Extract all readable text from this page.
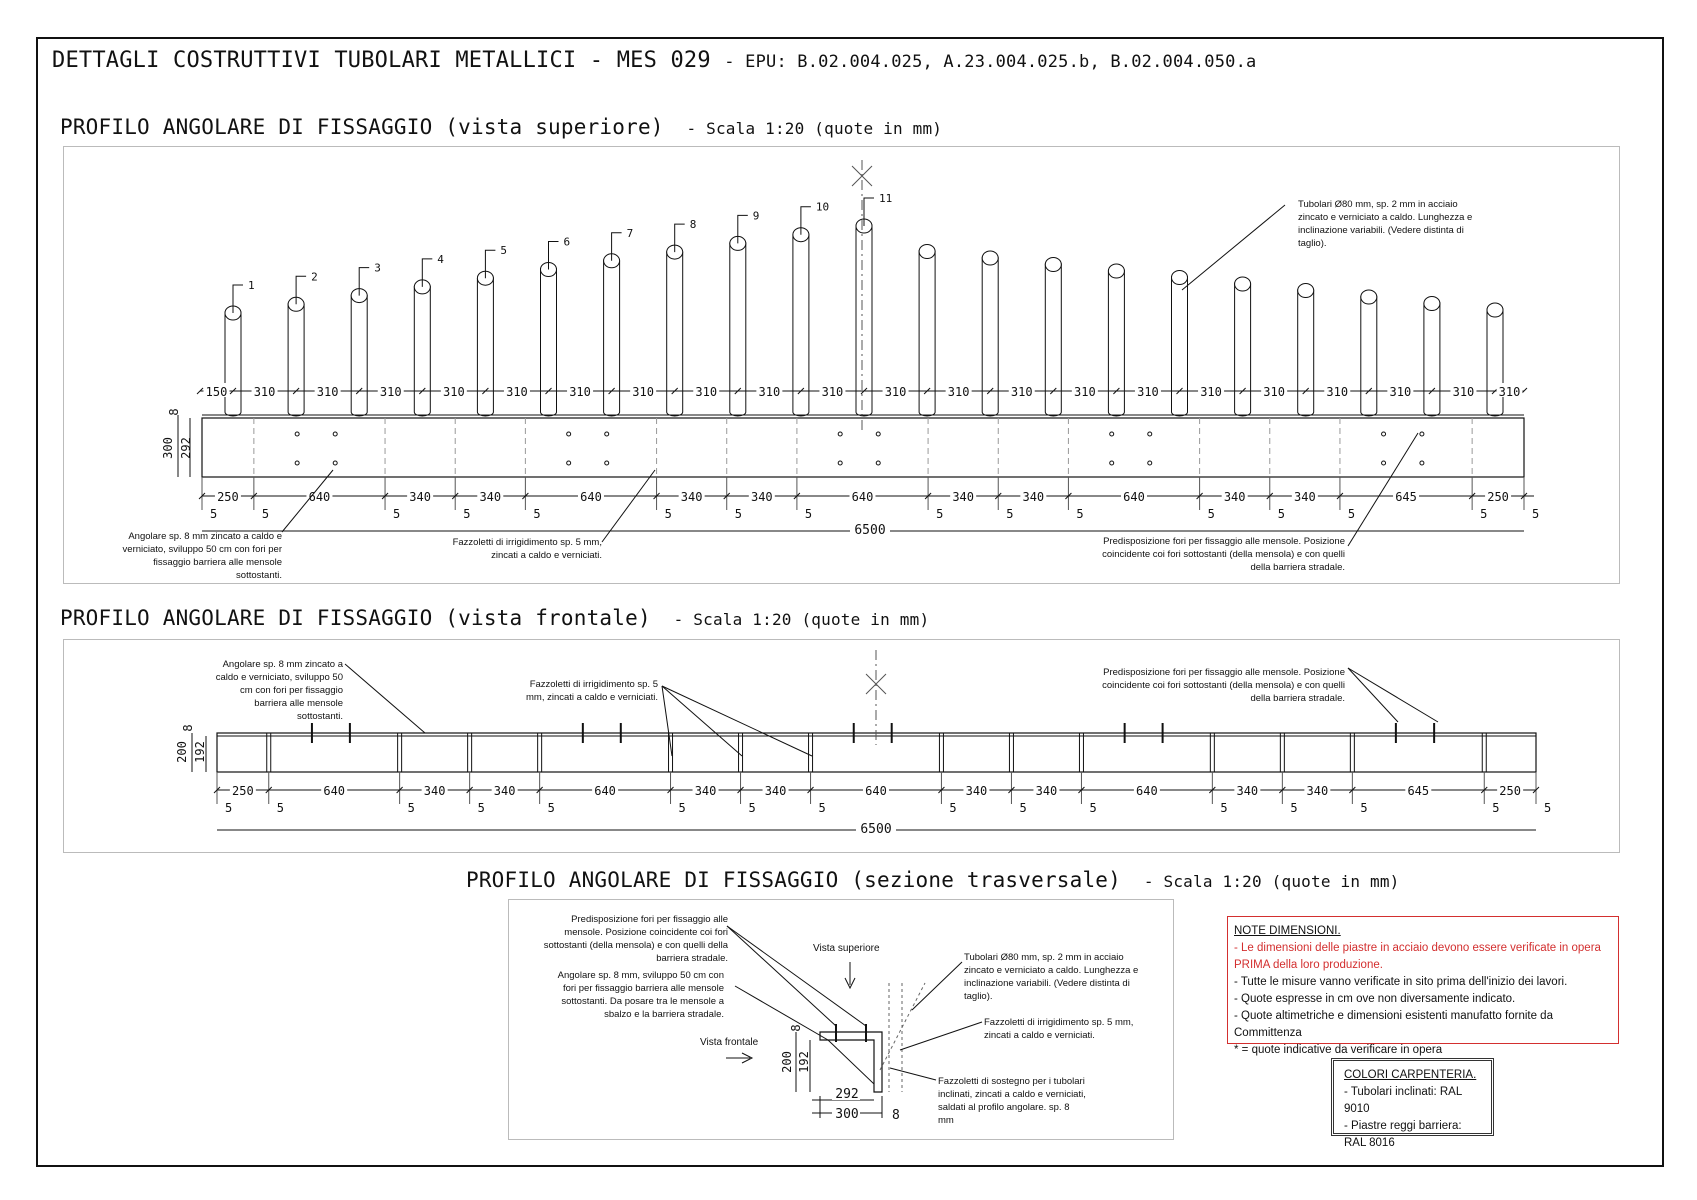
DETTAGLI COSTRUTTIVI TUBOLARI METALLICI - MES 029 - EPU: B.02.004.025, A.23.004.025.b, B.02.004.050.a
PROFILO ANGOLARE DI FISSAGGIO (vista superiore) - Scala 1:20 (quote in mm)
PROFILO ANGOLARE DI FISSAGGIO (vista frontale) - Scala 1:20 (quote in mm)
PROFILO ANGOLARE DI FISSAGGIO (sezione trasversale) - Scala 1:20 (quote in mm)
1
2
3
4
5
6
7
8
9
10
11
150 310	310	310	310	310	310	310	310	310	310	310	310	310	310	310	310	310	310	310	310 310
250
5
640
5
340
5
340
5
640
5
340
5
340
5
640
5
340
5
340
5
640
5
340
5
340
5
645
5
250
5	5
6500
300 292
8
250
5
640
5
340
5
340
5
640
5
340
5
340
5
640
5
340
5
340
5
640
5
340
5
340
5
645
5
250
5	5
6500
200 192
8
200 192
8
292
300	8
Tubolari Ø80 mm, sp. 2 mm in acciaio zincato e verniciato a caldo. Lunghezza e inclinazione variabili. (Vedere distinta di taglio).
Angolare sp. 8 mm zincato a caldo e verniciato, sviluppo 50 cm con fori per fissaggio barriera alle mensole sottostanti.
Fazzoletti di irrigidimento sp. 5 mm, zincati a caldo e verniciati.
Predisposizione fori per fissaggio alle mensole. Posizione coincidente coi fori sottostanti (della mensola) e con quelli della barriera stradale.
Angolare sp. 8 mm zincato a caldo e verniciato, sviluppo 50 cm con fori per fissaggio barriera alle mensole sottostanti.
Fazzoletti di irrigidimento sp. 5 mm, zincati a caldo e verniciati.
Predisposizione fori per fissaggio alle mensole. Posizione coincidente coi fori sottostanti (della mensola) e con quelli della barriera stradale.
Predisposizione fori per fissaggio alle mensole. Posizione coincidente coi fori sottostanti (della mensola) e con quelli della barriera stradale.
Angolare sp. 8 mm, sviluppo 50 cm con fori per fissaggio barriera alle mensole sottostanti. Da posare tra le mensole a sbalzo e la barriera stradale.
Vista superiore
Vista frontale
Tubolari Ø80 mm, sp. 2 mm in acciaio zincato e verniciato a caldo. Lunghezza e inclinazione variabili. (Vedere distinta di taglio).
Fazzoletti di irrigidimento sp. 5 mm, zincati a caldo e verniciati.
Fazzoletti di sostegno per i tubolari inclinati, zincati a caldo e verniciati, saldati al profilo angolare. sp. 8 mm
NOTE DIMENSIONI.
- Le dimensioni delle piastre in acciaio devono essere verificate in opera PRIMA della loro produzione.
- Tutte le misure vanno verificate in sito prima dell'inizio dei lavori.
- Quote espresse in cm ove non diversamente indicato.
- Quote altimetriche e dimensioni esistenti manufatto fornite da Committenza
* = quote indicative da verificare in opera
COLORI CARPENTERIA.
- Tubolari inclinati: RAL 9010
- Piastre reggi barriera: RAL 8016
